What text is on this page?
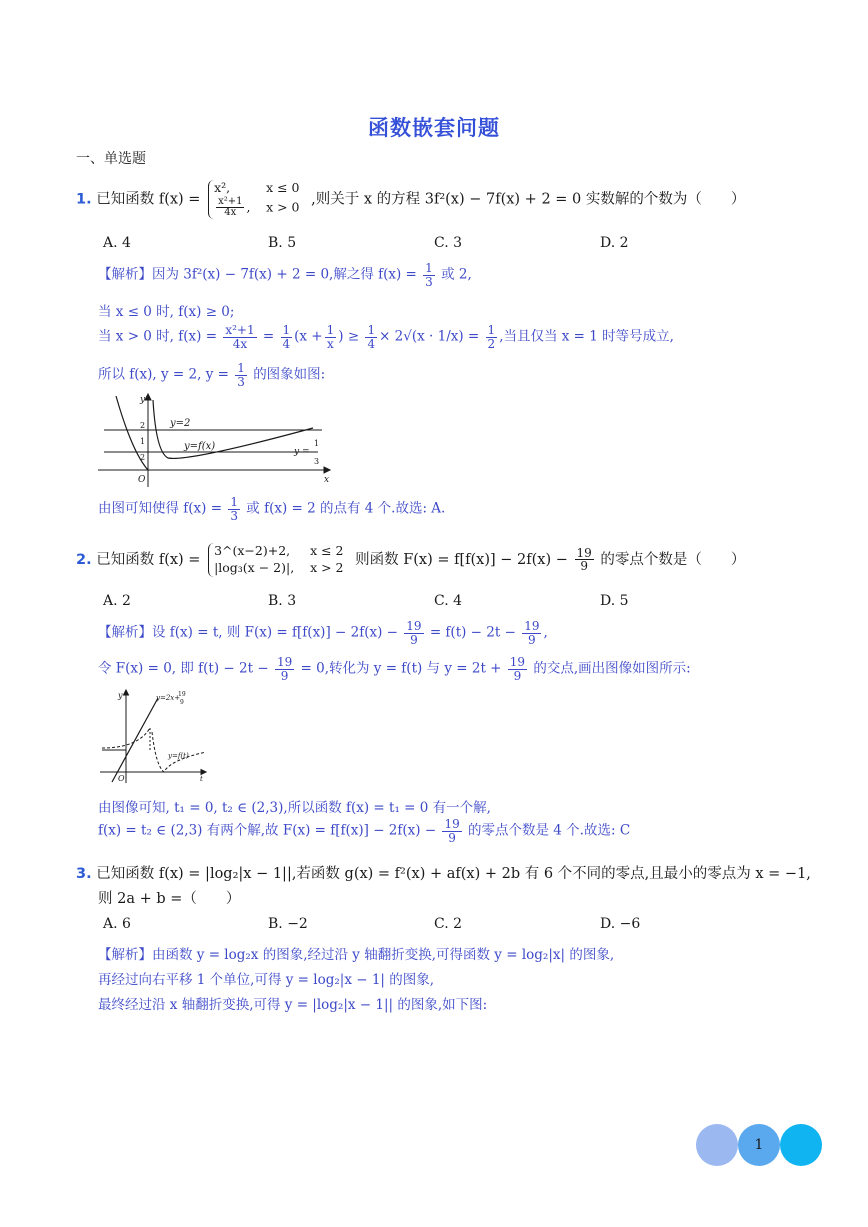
函数嵌套问题
一、单选题
1. 已知函数 f(x) =
x²,	x ≤ 0
$\frac{\text{x²+1}}{4x}$ , x > 0 ,则关于 x 的方程 3f²(x) − 7f(x) + 2 = 0 实数解的个数为（　　）
A. 4	B. 5	C. 3	D. 2
【解析】因为 3f²(x) − 7f(x) + 2 = 0,解之得 $f(x) = \frac{1}{3}$ 或 2,
当 x ≤ 0 时, f(x) ≥ 0;
当 x > 0 时, $f(x) = \frac{\text{x²+1}}{4x} = \frac{1}{4} (x + \frac{1}{x}$ ) ≥ $\frac{1}{4} \times 2√(x \cdot 1/x) = \frac{1}{2}$ ,当且仅当 x = 1 时等号成立,
所以 f(x), y = 2, $y = \frac{1}{3}$ 的图象如图:
y=2
y=f(x)	y =
1
3
y
x
O
2
1
2
由图可知使得 $f(x) = \frac{1}{3}$ 或 f(x) = 2 的点有 4 个.故选: A.
2. 已知函数 f(x) =
3^(x−2)+2, x ≤ 2
|log₃(x − 2)|, x > 2 则函数 $F(x) = f[f(x)] - 2f(x) - \frac{19}{9}$ 的零点个数是（　　）
A. 2	B. 3	C. 4	D. 5
【解析】设 f(x) = t, 则 $F(x) = f[f(x)] - 2f(x) - \frac{19}{9} = f(t) - 2t - \frac{19}{9}$ ,
令 F(x) = 0, 即 $f(t) - 2t - \frac{19}{9} = 0$,转化为 y = f(t) 与 $y = 2t + \frac{19}{9}$ 的交点,画出图像如图所示:
y
O
y=2x+
19
9
y=f(t)
t
由图像可知, t₁ = 0, t₂ ∈ (2,3),所以函数 f(x) = t₁ = 0 有一个解,
f(x) = t₂ ∈ (2,3) 有两个解,故 $F(x) = f[f(x)] - 2f(x) - \frac{19}{9}$ 的零点个数是 4 个.故选: C
3. 已知函数 f(x) = |log₂|x − 1||,若函数 g(x) = f²(x) + af(x) + 2b 有 6 个不同的零点,且最小的零点为 x = −1,
则 2a + b =（　　）
A. 6	B. −2	C. 2	D. −6
【解析】由函数 y = log₂x 的图象,经过沿 y 轴翻折变换,可得函数 y = log₂|x| 的图象,
再经过向右平移 1 个单位,可得 y = log₂|x − 1| 的图象,
最终经过沿 x 轴翻折变换,可得 y = |log₂|x − 1|| 的图象,如下图:
1
